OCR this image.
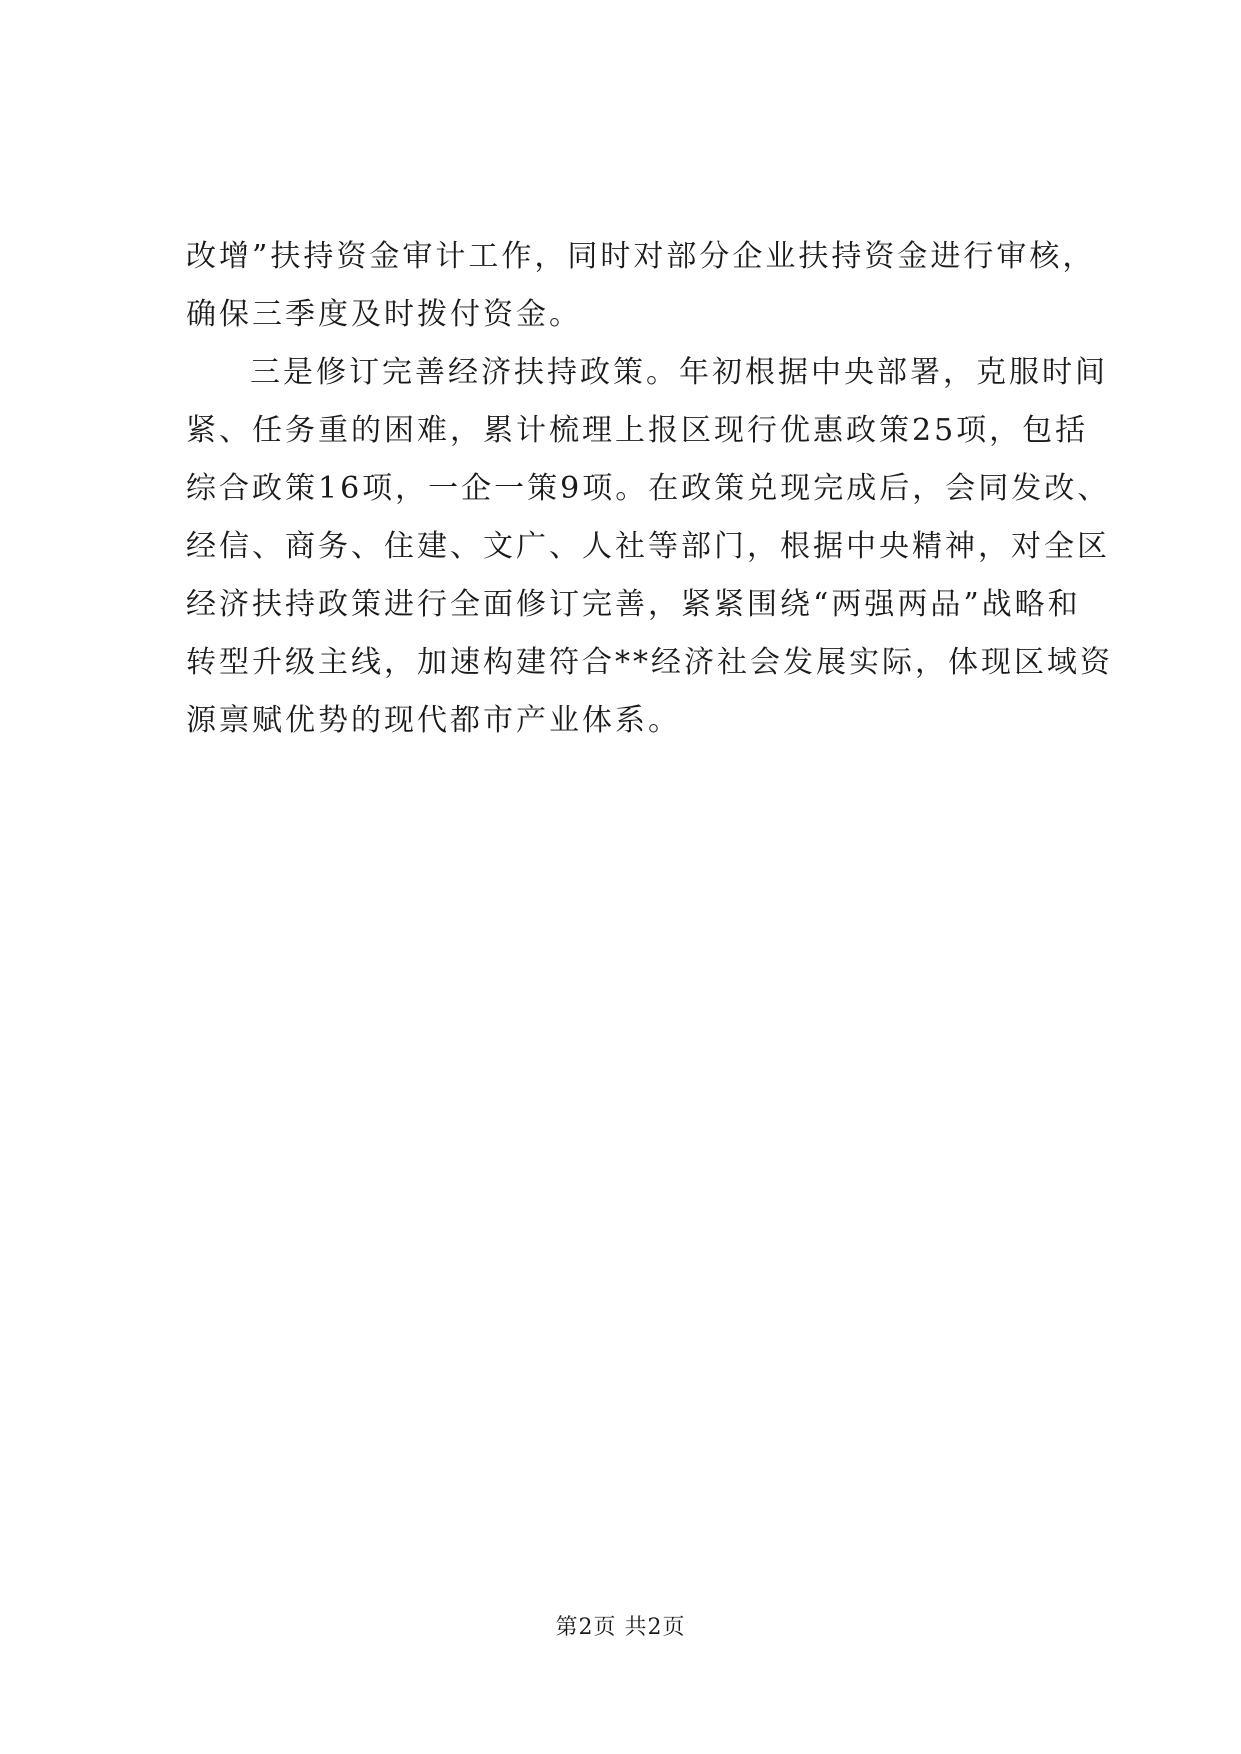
改增”扶持资金审计工作，同时对部分企业扶持资金进行审核，
确保三季度及时拨付资金。
三是修订完善经济扶持政策。年初根据中央部署，克服时间
紧、任务重的困难，累计梳理上报区现行优惠政策25项，包括
综合政策16项，一企一策9项。在政策兑现完成后，会同发改、
经信、商务、住建、文广、人社等部门，根据中央精神，对全区
经济扶持政策进行全面修订完善，紧紧围绕“两强两品”战略和
转型升级主线，加速构建符合**经济社会发展实际，体现区域资
源禀赋优势的现代都市产业体系。
第2页 共2页
